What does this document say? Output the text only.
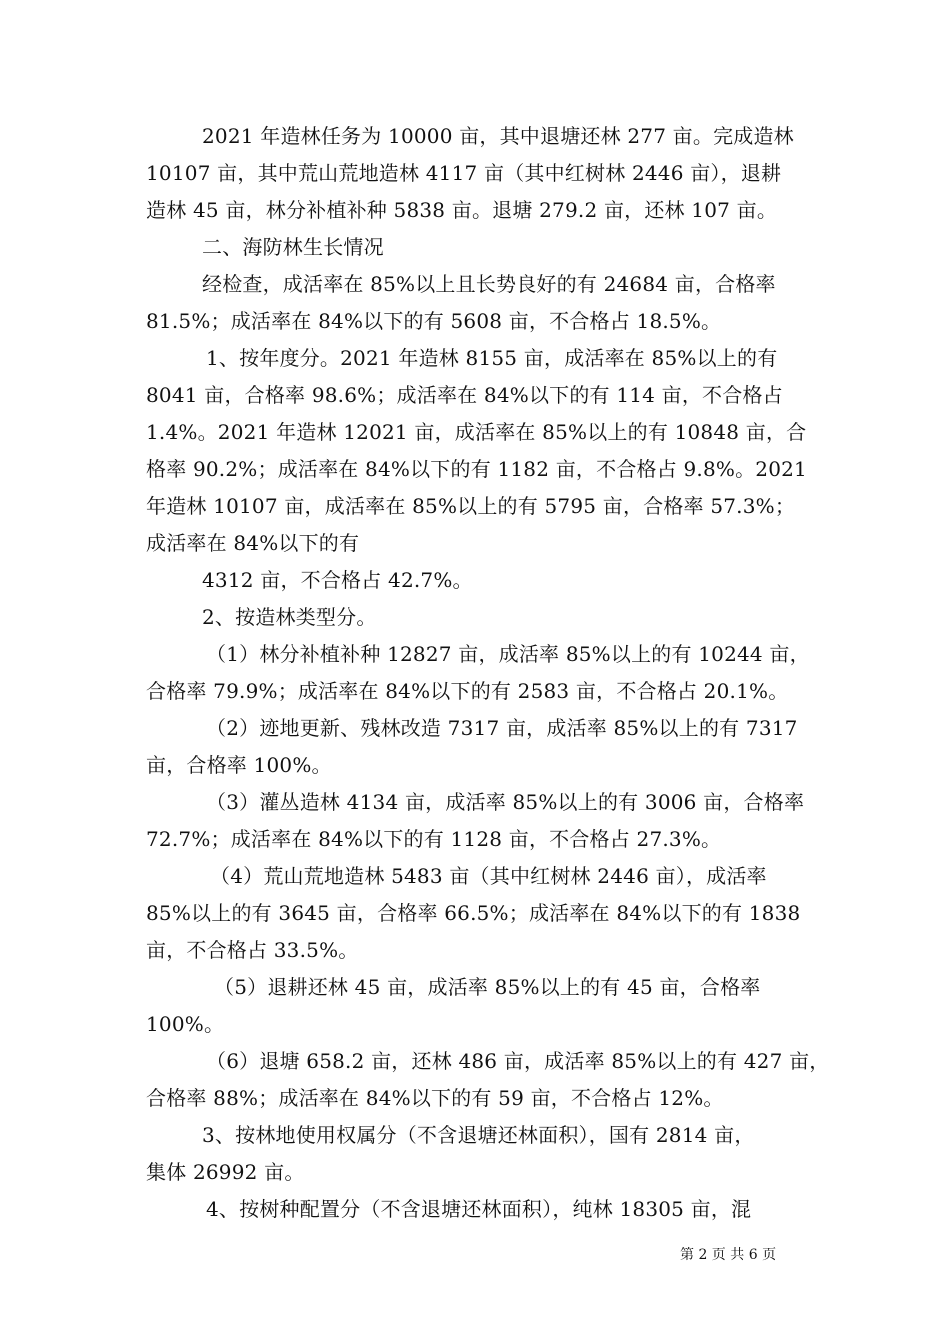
2021 年造林任务为 10000 亩，其中退塘还林 277 亩。完成造林
10107 亩，其中荒山荒地造林 4117 亩（其中红树林 2446 亩），退耕
造林 45 亩，林分补植补种 5838 亩。退塘 279.2 亩，还林 107 亩。
二、海防林生长情况
经检查，成活率在 85%以上且长势良好的有 24684 亩，合格率
81.5%；成活率在 84%以下的有 5608 亩，不合格占 18.5%。
1、按年度分。2021 年造林 8155 亩，成活率在 85%以上的有
8041 亩，合格率 98.6%；成活率在 84%以下的有 114 亩，不合格占
1.4%。2021 年造林 12021 亩，成活率在 85%以上的有 10848 亩，合
格率 90.2%；成活率在 84%以下的有 1182 亩，不合格占 9.8%。2021
年造林 10107 亩，成活率在 85%以上的有 5795 亩，合格率 57.3%；
成活率在 84%以下的有
4312 亩，不合格占 42.7%。
2、按造林类型分。
（1）林分补植补种 12827 亩，成活率 85%以上的有 10244 亩，
合格率 79.9%；成活率在 84%以下的有 2583 亩，不合格占 20.1%。
（2）迹地更新、残林改造 7317 亩，成活率 85%以上的有 7317
亩，合格率 100%。
（3）灌丛造林 4134 亩，成活率 85%以上的有 3006 亩，合格率
72.7%；成活率在 84%以下的有 1128 亩，不合格占 27.3%。
（4）荒山荒地造林 5483 亩（其中红树林 2446 亩），成活率
85%以上的有 3645 亩，合格率 66.5%；成活率在 84%以下的有 1838
亩，不合格占 33.5%。
（5）退耕还林 45 亩，成活率 85%以上的有 45 亩，合格率
100%。
（6）退塘 658.2 亩，还林 486 亩，成活率 85%以上的有 427 亩，
合格率 88%；成活率在 84%以下的有 59 亩，不合格占 12%。
3、按林地使用权属分（不含退塘还林面积），国有 2814 亩，
集体 26992 亩。
4、按树种配置分（不含退塘还林面积），纯林 18305 亩，混
第 2 页 共 6 页
